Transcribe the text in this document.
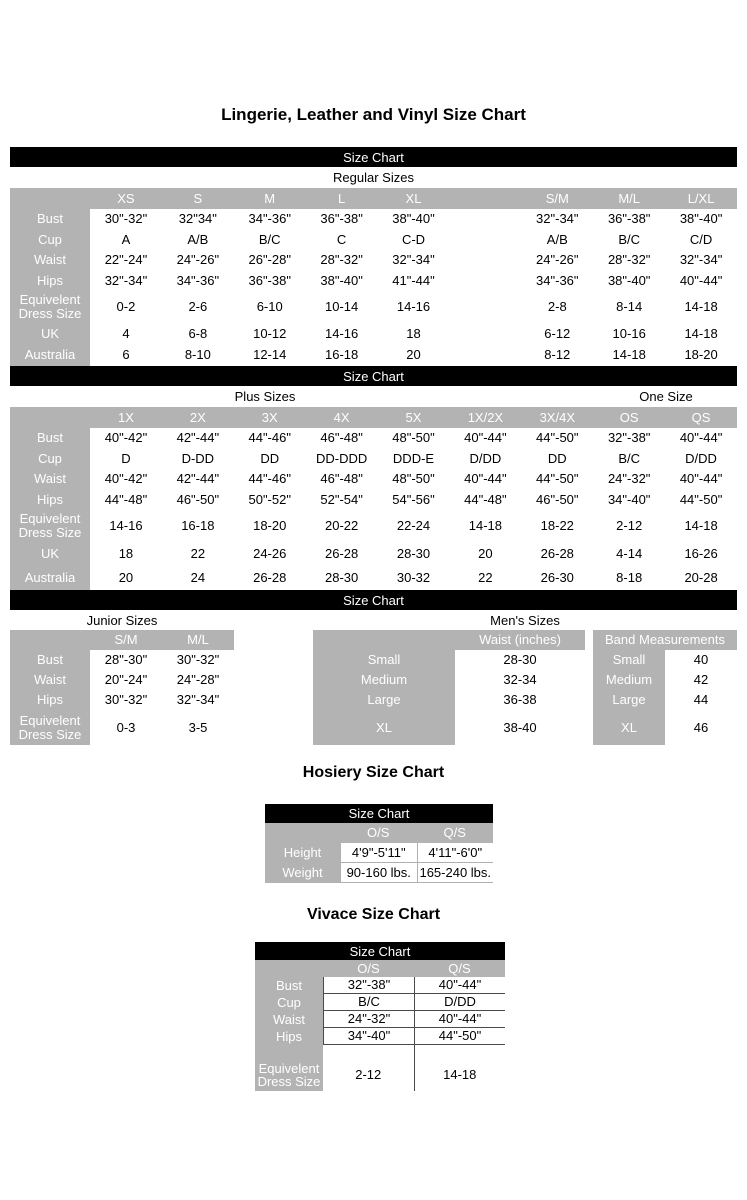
Lingerie, Leather and Vinyl Size Chart
Size Chart
Regular Sizes
XS	S	M	L	XL	S/M	M/L	L/XL
Bust	30"-32"	32"34"	34"-36"	36"-38"	38"-40"	32"-34"	36"-38"	38"-40"
Cup	A	A/B	B/C	C	C-D	A/B	B/C	C/D
Waist	22"-24"	24"-26"	26"-28"	28"-32"	32"-34"	24"-26"	28"-32"	32"-34"
Hips	32"-34"	34"-36"	36"-38"	38"-40"	41"-44"	34"-36"	38"-40"	40"-44"
Equivelent Dress Size	0-2	2-6	6-10	10-14	14-16	2-8	8-14	14-18
UK	4	6-8	10-12	14-16	18	6-12	10-16	14-18
Australia	6	8-10	12-14	16-18	20	8-12	14-18	18-20
Size Chart
Plus Sizes	One Size
1X	2X	3X	4X	5X	1X/2X	3X/4X	OS	QS
Bust	40"-42"	42"-44"	44"-46"	46"-48"	48"-50"	40"-44"	44"-50"	32"-38"	40"-44"
Cup	D	D-DD	DD	DD-DDD	DDD-E	D/DD	DD	B/C	D/DD
Waist	40"-42"	42"-44"	44"-46"	46"-48"	48"-50"	40"-44"	44"-50"	24"-32"	40"-44"
Hips	44"-48"	46"-50"	50"-52"	52"-54"	54"-56"	44"-48"	46"-50"	34"-40"	44"-50"
Equivelent Dress Size	14-16	16-18	18-20	20-22	22-24	14-18	18-22	2-12	14-18
UK	18	22	24-26	26-28	28-30	20	26-28	4-14	16-26
Australia	20	24	26-28	28-30	30-32	22	26-30	8-18	20-28
Size Chart
Junior Sizes	Men's Sizes
S/M	M/L
Bust	28"-30"	30"-32"
Waist	20"-24"	24"-28"
Hips	30"-32"	32"-34"
Equivelent Dress Size	0-3	3-5
Waist (inches)
Small	28-30
Medium	32-34
Large	36-38
XL	38-40
Band Measurements
Small	40
Medium	42
Large	44
XL	46
Hosiery Size Chart
Size Chart
O/S	Q/S
Height	4'9"-5'11"	4'11"-6'0"
Weight	90-160 lbs. 165-240 lbs.
Vivace Size Chart
Size Chart
O/S	Q/S
Bust	32"-38"	40"-44"
Cup	B/C	D/DD
Waist	24"-32"	40"-44"
Hips	34"-40"	44"-50"
Equivelent Dress Size	2-12	14-18
